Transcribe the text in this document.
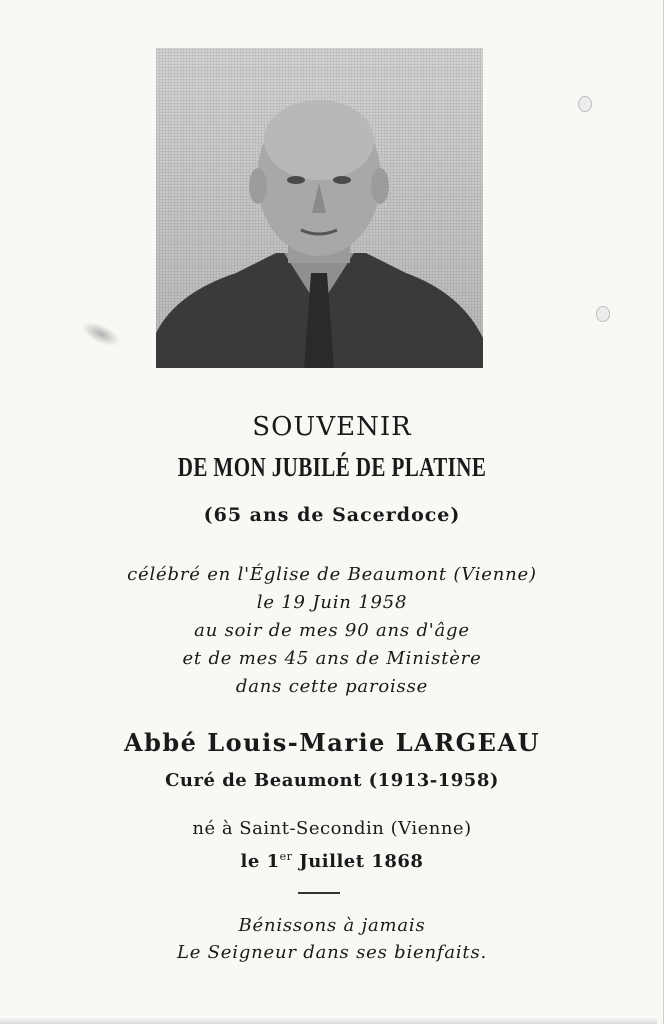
SOUVENIR
DE MON JUBILÉ DE PLATINE
(65 ans de Sacerdoce)
célébré en l'Église de Beaumont (Vienne)
le 19 Juin 1958
au soir de mes 90 ans d'âge
et de mes 45 ans de Ministère
dans cette paroisse
Abbé Louis-Marie LARGEAU
Curé de Beaumont (1913-1958)
né à Saint-Secondin (Vienne)
le 1er Juillet 1868
Bénissons à jamais
Le Seigneur dans ses bienfaits.
